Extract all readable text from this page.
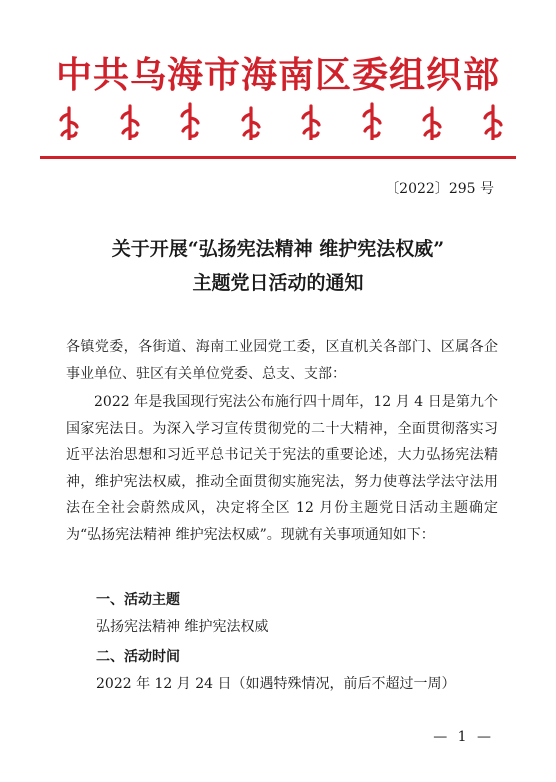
中共乌海市海南区委组织部
〔2022〕295 号
关于开展“弘扬宪法精神 维护宪法权威”
主题党日活动的通知

各镇党委，各街道、海南工业园党工委，区直机关各部门、区属各企事业单位、驻区有关单位党委、总支、支部：

2022 年是我国现行宪法公布施行四十周年，12 月 4 日是第九个国家宪法日。为深入学习宣传贯彻党的二十大精神，全面贯彻落实习近平法治思想和习近平总书记关于宪法的重要论述，大力弘扬宪法精神，维护宪法权威，推动全面贯彻实施宪法，努力使尊法学法守法用法在全社会蔚然成风，决定将全区 12 月份主题党日活动主题确定为“弘扬宪法精神 维护宪法权威”。现就有关事项通知如下：

一、活动主题
弘扬宪法精神 维护宪法权威
二、活动时间
2022 年 12 月 24 日（如遇特殊情况，前后不超过一周）
— 1 —
